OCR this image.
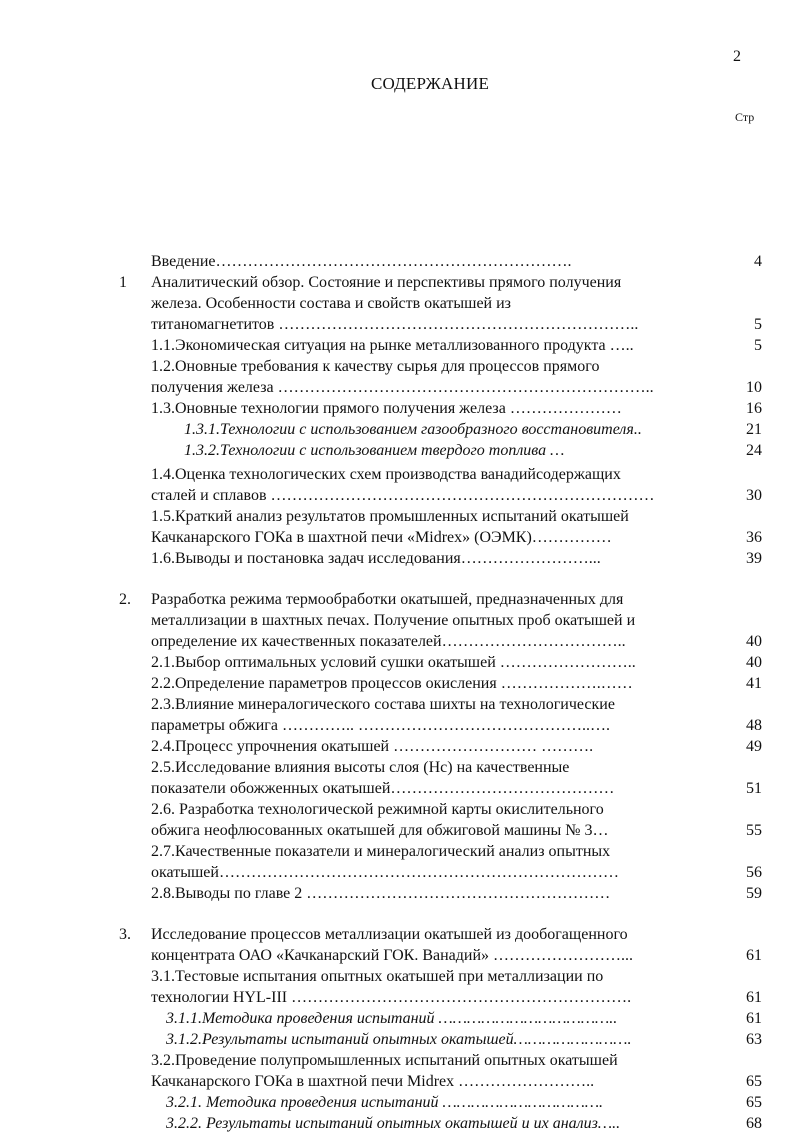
2
СОДЕРЖАНИЕ
Стр
Введение………………………………………………………….	4
1 Аналитический обзор. Состояние и перспективы прямого получения
железа. Особенности состава и свойств окатышей из
титаномагнетитов …………………………………………………………..	5
1.1.Экономическая ситуация на рынке металлизованного продукта …..	5
1.2.Оновные требования к качеству сырья для процессов прямого
получения железа ……………………………………………………………..	10
1.3.Оновные технологии прямого получения железа …………………	16
1.3.1.Технологии с использованием газообразного восстановителя..	21
1.3.2.Технологии с использованием твердого топлива …	24
1.4.Оценка технологических схем производства ванадийсодержащих
сталей и сплавов ………………………………………………………………	30
1.5.Краткий анализ результатов промышленных испытаний окатышей
Качканарского ГОКа в шахтной печи «Midrex» (ОЭМК)……………	36
1.6.Выводы и постановка задач исследования……………………...	39
2. Разработка режима термообработки окатышей, предназначенных для
металлизации в шахтных печах. Получение опытных проб окатышей и
определение их качественных показателей……………………………..	40
2.1.Выбор оптимальных условий сушки окатышей ……………………..	40
2.2.Определение параметров процессов окисления ……………….……	41
2.3.Влияние минералогического состава шихты на технологические
параметры обжига ………….. ……………………………………..….	48
2.4.Процесс упрочнения окатышей ……………………… ……….	49
2.5.Исследование влияния высоты слоя (Нс) на качественные
показатели обожженных окатышей……………………………………	51
2.6. Разработка технологической режимной карты окислительного
обжига неофлюсованных окатышей для обжиговой машины № 3…	55
2.7.Качественные показатели и минералогический анализ опытных
окатышей…………………………………………………………………	56
2.8.Выводы по главе 2 …………………………………………………	59
3. Исследование процессов металлизации окатышей из дообогащенного
концентрата ОАО «Качканарский ГОК. Ванадий» ……………………...	61
3.1.Тестовые испытания опытных окатышей при металлизации по
технологии HYL-III ……………………………………………………….	61
3.1.1.Методика проведения испытаний ………………………………..	61
3.1.2.Результаты испытаний опытных окатышей…………………….	63
3.2.Проведение полупромышленных испытаний опытных окатышей
Качканарского ГОКа в шахтной печи Midrex ……………………..	65
3.2.1. Методика проведения испытаний …………………………….	65
3.2.2. Результаты испытаний опытных окатышей и их анализ…..	68
